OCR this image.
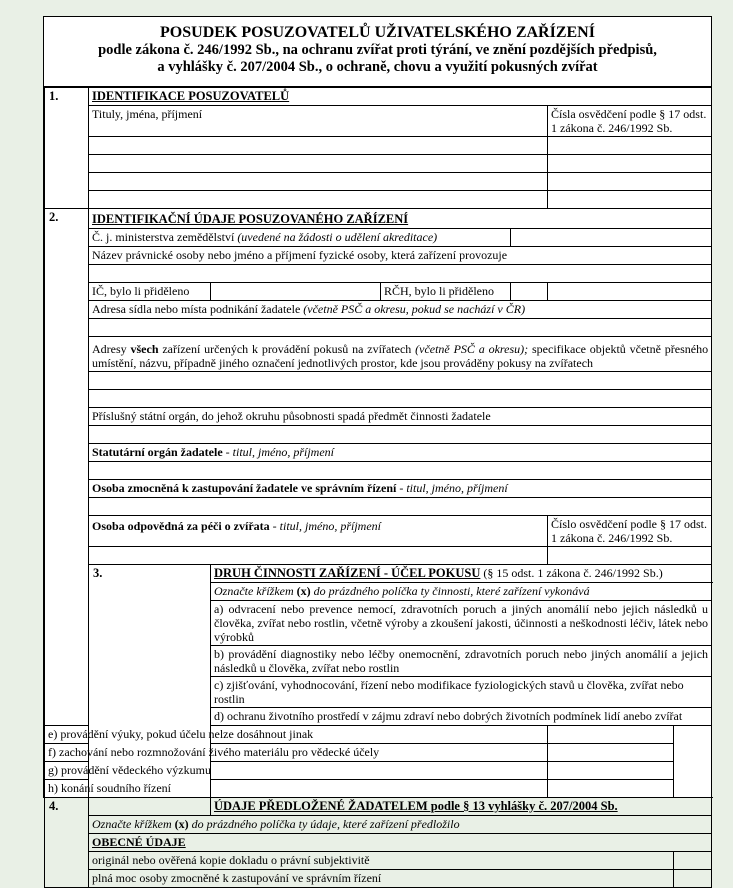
POSUDEK POSUZOVATELŮ UŽIVATELSKÉHO ZAŘÍZENÍ
podle zákona č. 246/1992 Sb., na ochranu zvířat proti týrání, ve znění pozdějších předpisů,
a vyhlášky č. 207/2004 Sb., o ochraně, chovu a využití pokusných zvířat
1.	IDENTIFIKACE POSUZOVATELŮ						
	Tituly, jména, příjmení				Čísla osvědčení podle § 17 odst. 1 zákona č. 246/1992 Sb.		

2.	IDENTIFIKAČNÍ ÚDAJE POSUZOVANÉHO ZAŘÍZENÍ						
	Č. j. ministerstva zemědělství (uvedené na žádosti o udělení akreditace)						
	Název právnické osoby nebo jméno a příjmení fyzické osoby, která zařízení provozuje						

	IČ, bylo li přiděleno		RČH, bylo li přiděleno				
	Adresa sídla nebo místa podnikání žadatele (včetně PSČ a okresu, pokud se nachází v ČR)						

	Adresy všech zařízení určených k provádění pokusů na zvířatech (včetně PSČ a okresu); specifikace objektů včetně přesného umístění, názvu, případně jiného označení jednotlivých prostor, kde jsou prováděny pokusy na zvířatech						

	Příslušný státní orgán, do jehož okruhu působnosti spadá předmět činnosti žadatele						

	Statutární orgán žadatele - titul, jméno, příjmení						

	Osoba zmocněná k zastupování žadatele ve správním řízení - titul, jméno, příjmení						

	Osoba odpovědná za péči o zvířata - titul, jméno, příjmení				Číslo osvědčení podle § 17 odst. 1 zákona č. 246/1992 Sb.		

	3.	DRUH ČINNOSTI ZAŘÍZENÍ - ÚČEL POKUSU (§ 15 odst. 1 zákona č. 246/1992 Sb.)					
		Označte křížkem (x) do prázdného políčka ty činnosti, které zařízení vykonává					
		a) odvracení nebo prevence nemocí, zdravotních poruch a jiných anomálií nebo jejich následků u člověka, zvířat nebo rostlin, včetně výroby a zkoušení jakosti, účinnosti a neškodnosti léčiv, látek nebo výrobků					
		b) provádění diagnostiky nebo léčby onemocnění, zdravotních poruch nebo jiných anomálií a jejich následků u člověka, zvířat nebo rostlin					
		c) zjišťování, vyhodnocování, řízení nebo modifikace fyziologických stavů u člověka, zvířat nebo rostlin					
		d) ochranu životního prostředí v zájmu zdraví nebo dobrých životních podmínek lidí anebo zvířat					
e) provádění výuky, pokud účelu nelze dosáhnout jinak							
f) zachování nebo rozmnožování živého materiálu pro vědecké účely							
g) provádění vědeckého výzkumu							
h) konání soudního řízení							
4.		ÚDAJE PŘEDLOŽENÉ ŽADATELEM podle § 13 vyhlášky č. 207/2004 Sb.					
	Označte křížkem (x) do prázdného políčka ty údaje, které zařízení předložilo						
	OBECNÉ ÚDAJE						
	originál nebo ověřená kopie dokladu o právní subjektivitě						
	plná moc osoby zmocněné k zastupování ve správním řízení						
